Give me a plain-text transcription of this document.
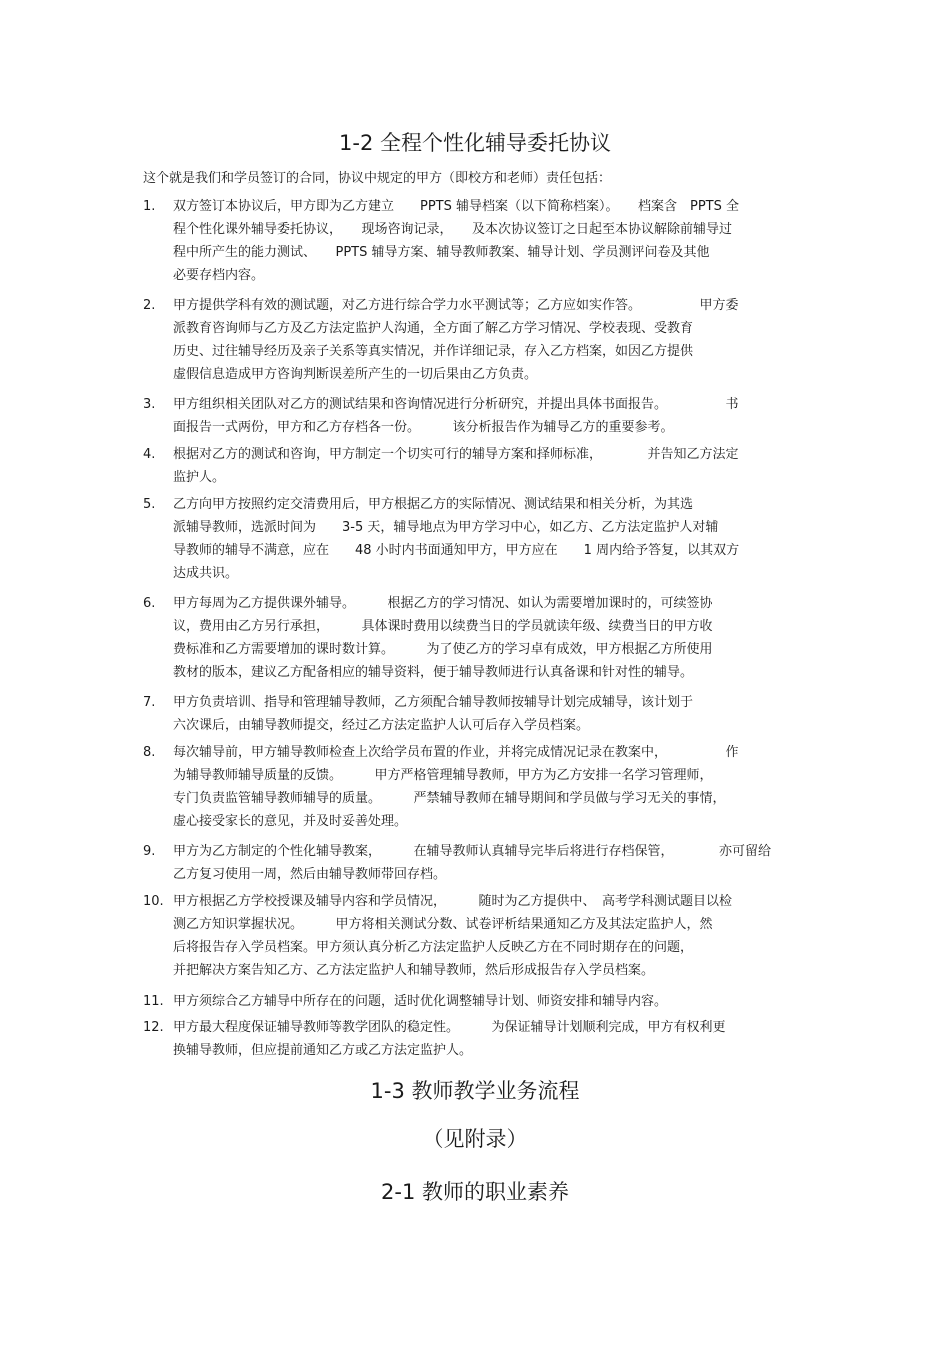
1-2 全程个性化辅导委托协议
这个就是我们和学员签订的合同，协议中规定的甲方（即校方和老师）责任包括：
1.	双方签订本协议后，甲方即为乙方建立　　PPTS 辅导档案（以下简称档案）。　　档案含　PPTS 全
程个性化课外辅导委托协议，　　现场咨询记录，　　及本次协议签订之日起至本协议解除前辅导过
程中所产生的能力测试、　　PPTS 辅导方案、辅导教师教案、辅导计划、学员测评问卷及其他
必要存档内容。
2.	甲方提供学科有效的测试题，对乙方进行综合学力水平测试等；乙方应如实作答。　　　　　甲方委
派教育咨询师与乙方及乙方法定监护人沟通，全方面了解乙方学习情况、学校表现、受教育　　　　
历史、过往辅导经历及亲子关系等真实情况，并作详细记录，存入乙方档案，如因乙方提供
虚假信息造成甲方咨询判断误差所产生的一切后果由乙方负责。
3.	甲方组织相关团队对乙方的测试结果和咨询情况进行分析研究，并提出具体书面报告。　　　　　书
面报告一式两份，甲方和乙方存档各一份。　　　该分析报告作为辅导乙方的重要参考。
4.	根据对乙方的测试和咨询，甲方制定一个切实可行的辅导方案和择师标准，　　　　并告知乙方法定
监护人。
5.	乙方向甲方按照约定交清费用后，甲方根据乙方的实际情况、测试结果和相关分析，为其选　　　　
派辅导教师，选派时间为　　3-5 天，辅导地点为甲方学习中心，如乙方、乙方法定监护人对辅
导教师的辅导不满意，应在　　48 小时内书面通知甲方，甲方应在　　1 周内给予答复，以其双方
达成共识。
6.	甲方每周为乙方提供课外辅导。　　　根据乙方的学习情况、如认为需要增加课时的，可续签协
议，费用由乙方另行承担，　　　具体课时费用以续费当日的学员就读年级、续费当日的甲方收
费标准和乙方需要增加的课时数计算。　　　为了使乙方的学习卓有成效，甲方根据乙方所使用
教材的版本，建议乙方配备相应的辅导资料，便于辅导教师进行认真备课和针对性的辅导。
7.	甲方负责培训、指导和管理辅导教师，乙方须配合辅导教师按辅导计划完成辅导，该计划于
六次课后，由辅导教师提交，经过乙方法定监护人认可后存入学员档案。
8.	每次辅导前，甲方辅导教师检查上次给学员布置的作业，并将完成情况记录在教案中，　　　　　作
为辅导教师辅导质量的反馈。　　　甲方严格管理辅导教师，甲方为乙方安排一名学习管理师，
专门负责监管辅导教师辅导的质量。　　　严禁辅导教师在辅导期间和学员做与学习无关的事情，
虚心接受家长的意见，并及时妥善处理。
9.	甲方为乙方制定的个性化辅导教案，　　　在辅导教师认真辅导完毕后将进行存档保管，　　　　亦可留给
乙方复习使用一周，然后由辅导教师带回存档。
10. 甲方根据乙方学校授课及辅导内容和学员情况，　　　随时为乙方提供中、　高考学科测试题目以检
测乙方知识掌握状况。　　　甲方将相关测试分数、试卷评析结果通知乙方及其法定监护人，然
后将报告存入学员档案。甲方须认真分析乙方法定监护人反映乙方在不同时期存在的问题，
并把解决方案告知乙方、乙方法定监护人和辅导教师，然后形成报告存入学员档案。
11. 甲方须综合乙方辅导中所存在的问题，适时优化调整辅导计划、师资安排和辅导内容。
12. 甲方最大程度保证辅导教师等教学团队的稳定性。　　　为保证辅导计划顺利完成，甲方有权利更
换辅导教师，但应提前通知乙方或乙方法定监护人。
1-3 教师教学业务流程
（见附录）
2-1 教师的职业素养
